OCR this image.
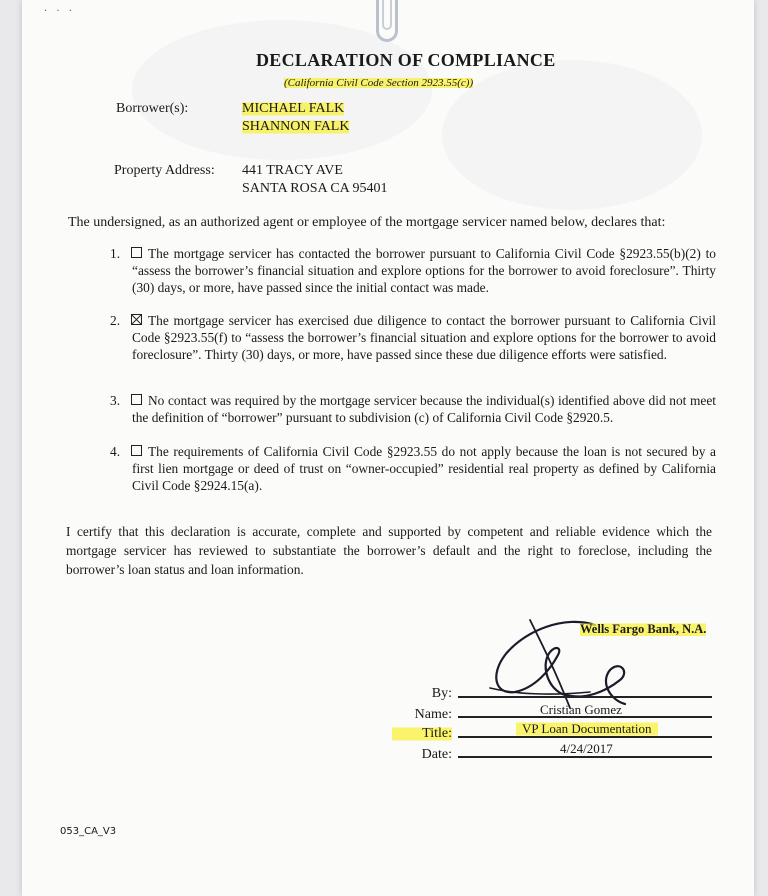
· · ·
DECLARATION OF COMPLIANCE
(California Civil Code Section 2923.55(c))
Borrower(s):	MICHAEL FALK
SHANNON FALK
Property Address: 441 TRACY AVE
SANTA ROSA CA 95401
The undersigned, as an authorized agent or employee of the mortgage servicer named below, declares that:
1.	The mortgage servicer has contacted the borrower pursuant to California Civil Code §2923.55(b)(2) to “assess the borrower’s financial situation and explore options for the borrower to avoid foreclosure”. Thirty (30) days, or more, have passed since the initial contact was made.
2.	The mortgage servicer has exercised due diligence to contact the borrower pursuant to California Civil Code §2923.55(f) to “assess the borrower’s financial situation and explore options for the borrower to avoid foreclosure”. Thirty (30) days, or more, have passed since these due diligence efforts were satisfied.
3.	No contact was required by the mortgage servicer because the individual(s) identified above did not meet the definition of “borrower” pursuant to subdivision (c) of California Civil Code §2920.5.
4.	The requirements of California Civil Code §2923.55 do not apply because the loan is not secured by a first lien mortgage or deed of trust on “owner-occupied” residential real property as defined by California Civil Code §2924.15(a).
I certify that this declaration is accurate, complete and supported by competent and reliable evidence which the mortgage servicer has reviewed to substantiate the borrower’s default and the right to foreclose, including the borrower’s loan status and loan information.
Wells Fargo Bank, N.A.
By:
Name:	Cristian Gomez
Title:	VP Loan Documentation
Date:	4/24/2017
053_CA_V3
